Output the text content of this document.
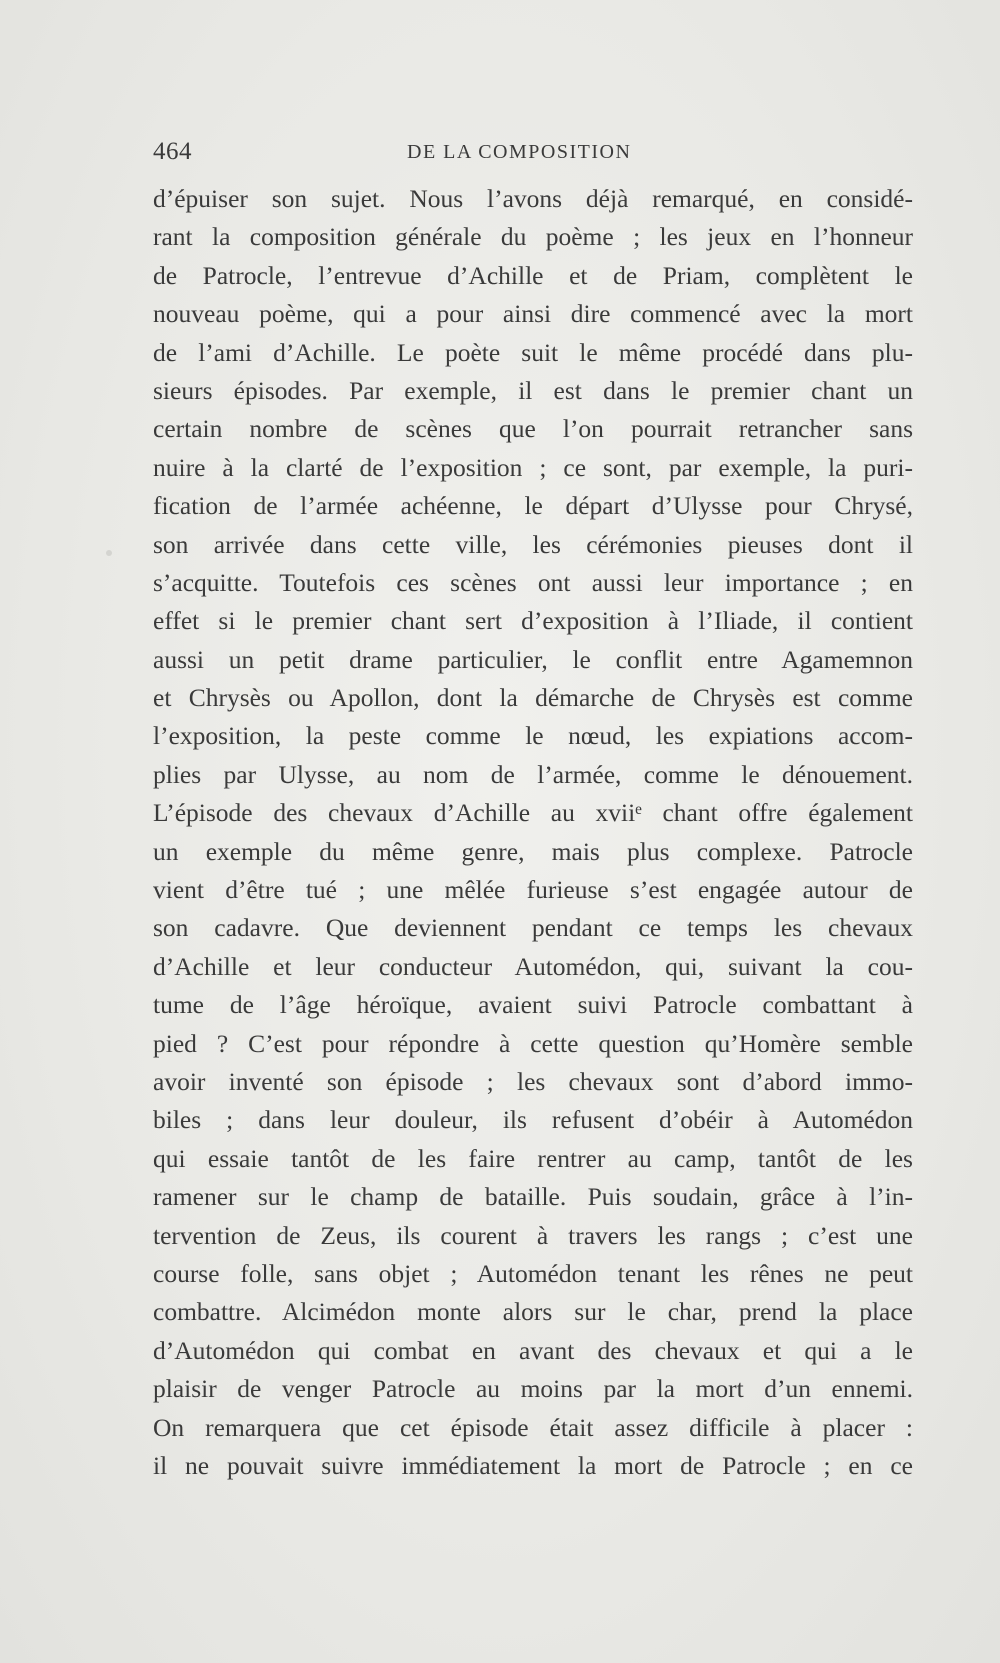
464	DE LA COMPOSITION
d’épuiser son sujet. Nous l’avons déjà remarqué, en considé-
rant la composition générale du poème ; les jeux en l’honneur
de Patrocle, l’entrevue d’Achille et de Priam, complètent le
nouveau poème, qui a pour ainsi dire commencé avec la mort
de l’ami d’Achille. Le poète suit le même procédé dans plu-
sieurs épisodes. Par exemple, il est dans le premier chant un
certain nombre de scènes que l’on pourrait retrancher sans
nuire à la clarté de l’exposition ; ce sont, par exemple, la puri-
fication de l’armée achéenne, le départ d’Ulysse pour Chrysé,
son arrivée dans cette ville, les cérémonies pieuses dont il
s’acquitte. Toutefois ces scènes ont aussi leur importance ; en
effet si le premier chant sert d’exposition à l’Iliade, il contient
aussi un petit drame particulier, le conflit entre Agamemnon
et Chrysès ou Apollon, dont la démarche de Chrysès est comme
l’exposition, la peste comme le nœud, les expiations accom-
plies par Ulysse, au nom de l’armée, comme le dénouement.
L’épisode des chevaux d’Achille au xviiᵉ chant offre également
un exemple du même genre, mais plus complexe. Patrocle
vient d’être tué ; une mêlée furieuse s’est engagée autour de
son cadavre. Que deviennent pendant ce temps les chevaux
d’Achille et leur conducteur Automédon, qui, suivant la cou-
tume de l’âge héroïque, avaient suivi Patrocle combattant à
pied ? C’est pour répondre à cette question qu’Homère semble
avoir inventé son épisode ; les chevaux sont d’abord immo-
biles ; dans leur douleur, ils refusent d’obéir à Automédon
qui essaie tantôt de les faire rentrer au camp, tantôt de les
ramener sur le champ de bataille. Puis soudain, grâce à l’in-
tervention de Zeus, ils courent à travers les rangs ; c’est une
course folle, sans objet ; Automédon tenant les rênes ne peut
combattre. Alcimédon monte alors sur le char, prend la place
d’Automédon qui combat en avant des chevaux et qui a le
plaisir de venger Patrocle au moins par la mort d’un ennemi.
On remarquera que cet épisode était assez difficile à placer :
il ne pouvait suivre immédiatement la mort de Patrocle ; en ce
